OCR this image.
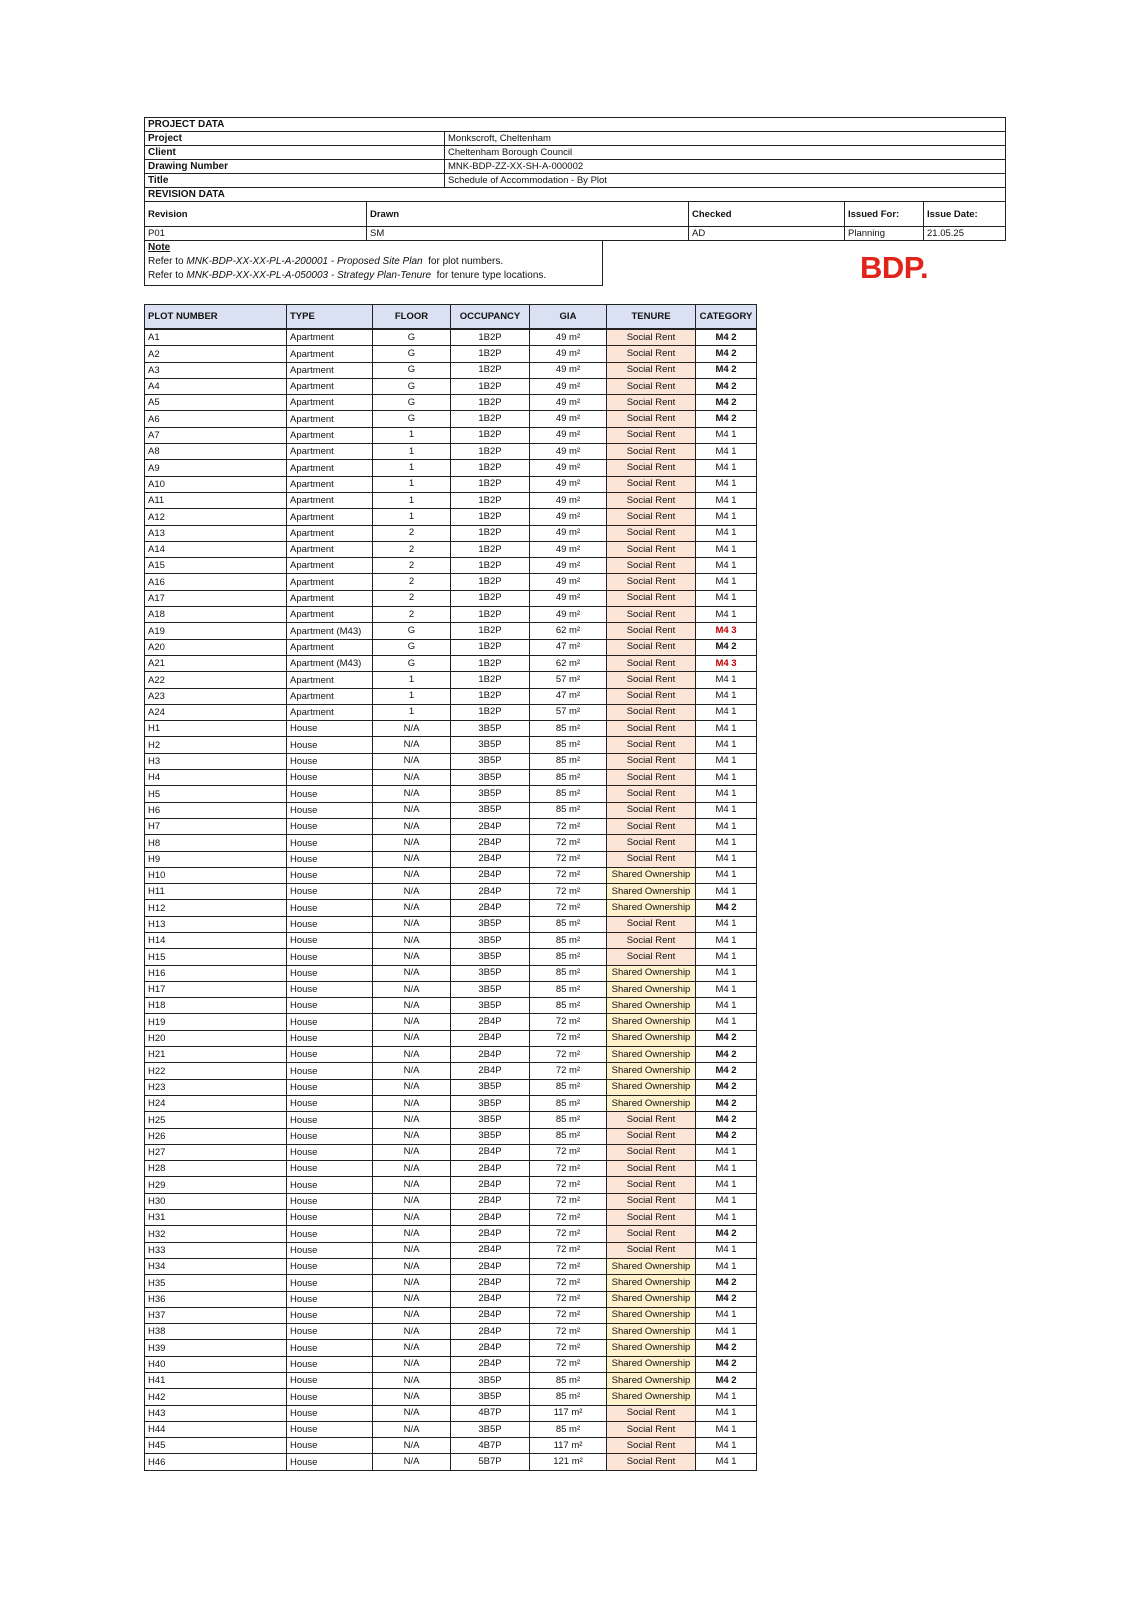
PROJECT DATA					
Project		Monkscroft, Cheltenham			
Client		Cheltenham Borough Council			
Drawing Number		MNK-BDP-ZZ-XX-SH-A-000002			
Title		Schedule of Accommodation - By Plot			
REVISION DATA					
Revision	Drawn		Checked	Issued For:	Issue Date:
P01	SM		AD	Planning	21.05.25
Note
Refer to MNK-BDP-XX-XX-PL-A-200001 - Proposed Site Plan  for plot numbers.
Refer to MNK-BDP-XX-XX-PL-A-050003 - Strategy Plan-Tenure  for tenure type locations.	BDP.
PLOT NUMBER	TYPE	FLOOR	OCCUPANCY	GIA	TENURE	CATEGORY
A1	Apartment	G	1B2P	49 m²	Social Rent	M4 2
A2	Apartment	G	1B2P	49 m²	Social Rent	M4 2
A3	Apartment	G	1B2P	49 m²	Social Rent	M4 2
A4	Apartment	G	1B2P	49 m²	Social Rent	M4 2
A5	Apartment	G	1B2P	49 m²	Social Rent	M4 2
A6	Apartment	G	1B2P	49 m²	Social Rent	M4 2
A7	Apartment	1	1B2P	49 m²	Social Rent	M4 1
A8	Apartment	1	1B2P	49 m²	Social Rent	M4 1
A9	Apartment	1	1B2P	49 m²	Social Rent	M4 1
A10	Apartment	1	1B2P	49 m²	Social Rent	M4 1
A11	Apartment	1	1B2P	49 m²	Social Rent	M4 1
A12	Apartment	1	1B2P	49 m²	Social Rent	M4 1
A13	Apartment	2	1B2P	49 m²	Social Rent	M4 1
A14	Apartment	2	1B2P	49 m²	Social Rent	M4 1
A15	Apartment	2	1B2P	49 m²	Social Rent	M4 1
A16	Apartment	2	1B2P	49 m²	Social Rent	M4 1
A17	Apartment	2	1B2P	49 m²	Social Rent	M4 1
A18	Apartment	2	1B2P	49 m²	Social Rent	M4 1
A19	Apartment (M43)	G	1B2P	62 m²	Social Rent	M4 3
A20	Apartment	G	1B2P	47 m²	Social Rent	M4 2
A21	Apartment (M43)	G	1B2P	62 m²	Social Rent	M4 3
A22	Apartment	1	1B2P	57 m²	Social Rent	M4 1
A23	Apartment	1	1B2P	47 m²	Social Rent	M4 1
A24	Apartment	1	1B2P	57 m²	Social Rent	M4 1
H1	House	N/A	3B5P	85 m²	Social Rent	M4 1
H2	House	N/A	3B5P	85 m²	Social Rent	M4 1
H3	House	N/A	3B5P	85 m²	Social Rent	M4 1
H4	House	N/A	3B5P	85 m²	Social Rent	M4 1
H5	House	N/A	3B5P	85 m²	Social Rent	M4 1
H6	House	N/A	3B5P	85 m²	Social Rent	M4 1
H7	House	N/A	2B4P	72 m²	Social Rent	M4 1
H8	House	N/A	2B4P	72 m²	Social Rent	M4 1
H9	House	N/A	2B4P	72 m²	Social Rent	M4 1
H10	House	N/A	2B4P	72 m²	Shared Ownership	M4 1
H11	House	N/A	2B4P	72 m²	Shared Ownership	M4 1
H12	House	N/A	2B4P	72 m²	Shared Ownership	M4 2
H13	House	N/A	3B5P	85 m²	Social Rent	M4 1
H14	House	N/A	3B5P	85 m²	Social Rent	M4 1
H15	House	N/A	3B5P	85 m²	Social Rent	M4 1
H16	House	N/A	3B5P	85 m²	Shared Ownership	M4 1
H17	House	N/A	3B5P	85 m²	Shared Ownership	M4 1
H18	House	N/A	3B5P	85 m²	Shared Ownership	M4 1
H19	House	N/A	2B4P	72 m²	Shared Ownership	M4 1
H20	House	N/A	2B4P	72 m²	Shared Ownership	M4 2
H21	House	N/A	2B4P	72 m²	Shared Ownership	M4 2
H22	House	N/A	2B4P	72 m²	Shared Ownership	M4 2
H23	House	N/A	3B5P	85 m²	Shared Ownership	M4 2
H24	House	N/A	3B5P	85 m²	Shared Ownership	M4 2
H25	House	N/A	3B5P	85 m²	Social Rent	M4 2
H26	House	N/A	3B5P	85 m²	Social Rent	M4 2
H27	House	N/A	2B4P	72 m²	Social Rent	M4 1
H28	House	N/A	2B4P	72 m²	Social Rent	M4 1
H29	House	N/A	2B4P	72 m²	Social Rent	M4 1
H30	House	N/A	2B4P	72 m²	Social Rent	M4 1
H31	House	N/A	2B4P	72 m²	Social Rent	M4 1
H32	House	N/A	2B4P	72 m²	Social Rent	M4 2
H33	House	N/A	2B4P	72 m²	Social Rent	M4 1
H34	House	N/A	2B4P	72 m²	Shared Ownership	M4 1
H35	House	N/A	2B4P	72 m²	Shared Ownership	M4 2
H36	House	N/A	2B4P	72 m²	Shared Ownership	M4 2
H37	House	N/A	2B4P	72 m²	Shared Ownership	M4 1
H38	House	N/A	2B4P	72 m²	Shared Ownership	M4 1
H39	House	N/A	2B4P	72 m²	Shared Ownership	M4 2
H40	House	N/A	2B4P	72 m²	Shared Ownership	M4 2
H41	House	N/A	3B5P	85 m²	Shared Ownership	M4 2
H42	House	N/A	3B5P	85 m²	Shared Ownership	M4 1
H43	House	N/A	4B7P	117 m²	Social Rent	M4 1
H44	House	N/A	3B5P	85 m²	Social Rent	M4 1
H45	House	N/A	4B7P	117 m²	Social Rent	M4 1
H46	House	N/A	5B7P	121 m²	Social Rent	M4 1
